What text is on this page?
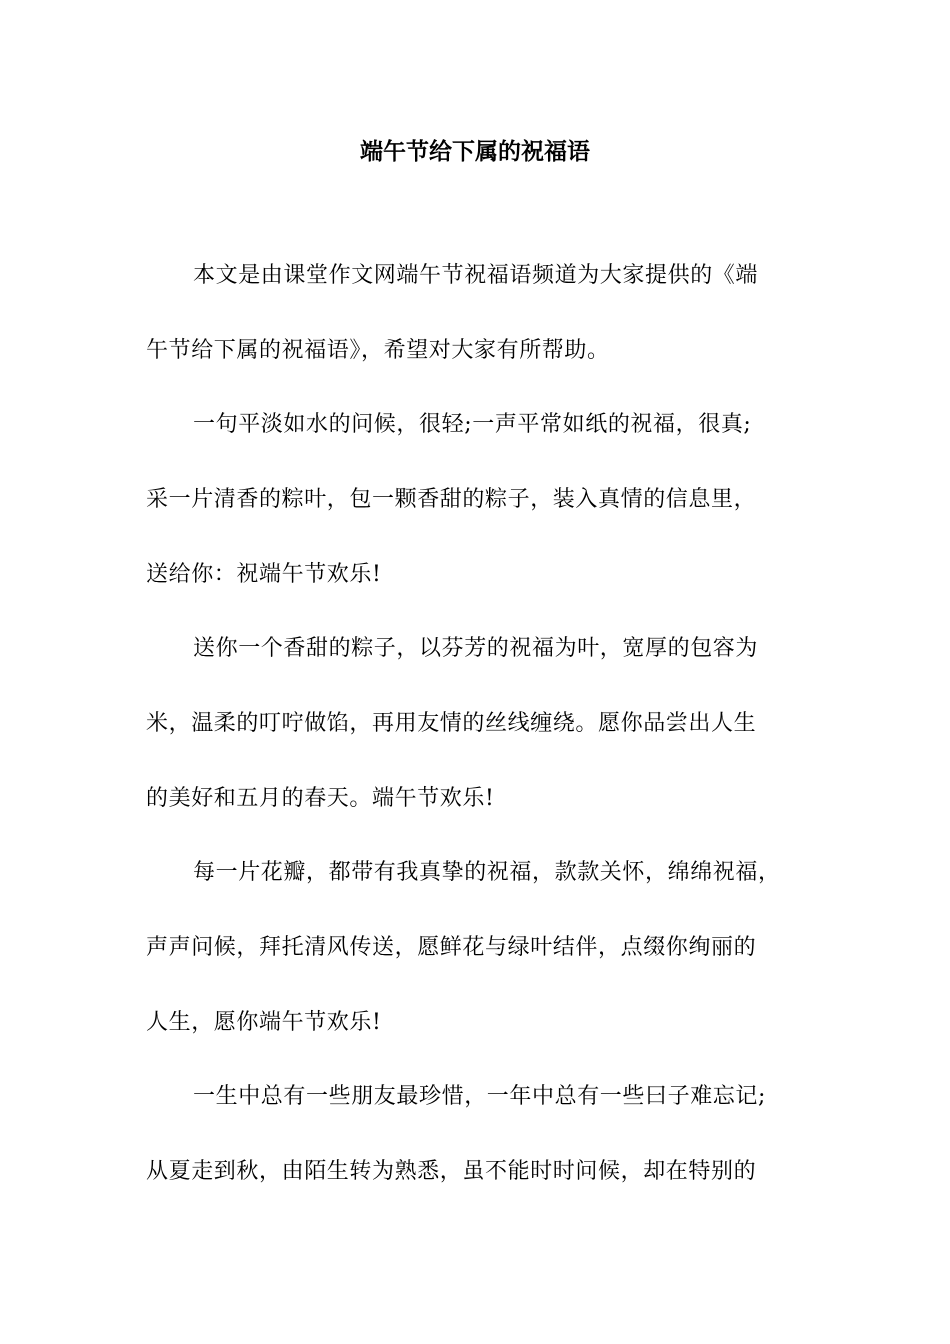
端午节给下属的祝福语

本文是由课堂作文网端午节祝福语频道为大家提供的《端

午节给下属的祝福语》，希望对大家有所帮助。

一句平淡如水的问候，很轻;一声平常如纸的祝福，很真;

采一片清香的粽叶，包一颗香甜的粽子，装入真情的信息里，

送给你：祝端午节欢乐!

送你一个香甜的粽子，以芬芳的祝福为叶，宽厚的包容为

米，温柔的叮咛做馅，再用友情的丝线缠绕。愿你品尝出人生

的美好和五月的春天。端午节欢乐!

每一片花瓣，都带有我真挚的祝福，款款关怀，绵绵祝福，

声声问候，拜托清风传送，愿鲜花与绿叶结伴，点缀你绚丽的

人生，愿你端午节欢乐!

一生中总有一些朋友最珍惜，一年中总有一些曰子难忘记;

从夏走到秋，由陌生转为熟悉，虽不能时时问候，却在特别的
